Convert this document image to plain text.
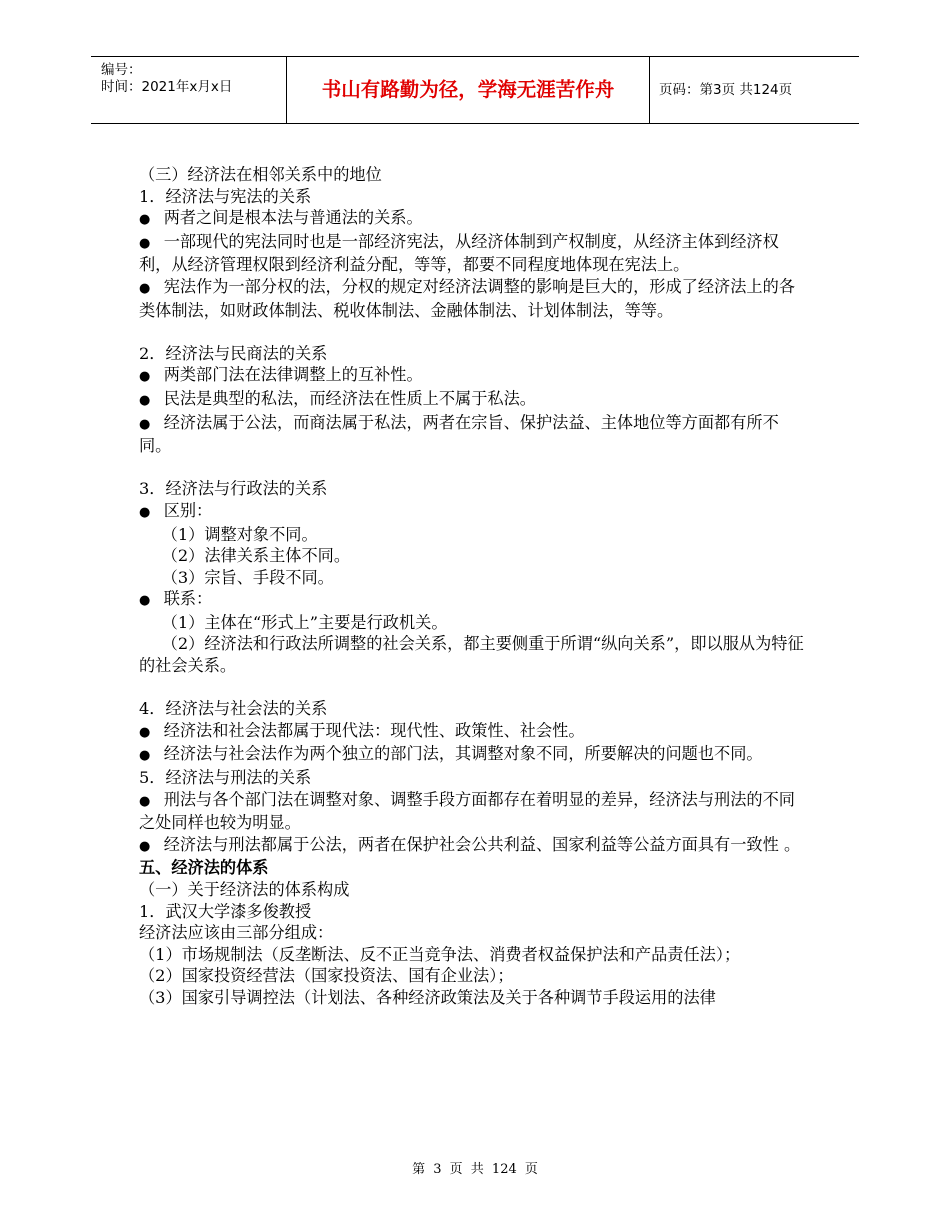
编号：
时间：2021年x月x日	书山有路勤为径，学海无涯苦作舟	页码：第3页 共124页

（三）经济法在相邻关系中的地位

1．经济法与宪法的关系

● 两者之间是根本法与普通法的关系。

● 一部现代的宪法同时也是一部经济宪法，从经济体制到产权制度，从经济主体到经济权利，从经济管理权限到经济利益分配，等等，都要不同程度地体现在宪法上。

● 宪法作为一部分权的法，分权的规定对经济法调整的影响是巨大的，形成了经济法上的各类体制法，如财政体制法、税收体制法、金融体制法、计划体制法，等等。

2．经济法与民商法的关系

● 两类部门法在法律调整上的互补性。

● 民法是典型的私法，而经济法在性质上不属于私法。

● 经济法属于公法，而商法属于私法，两者在宗旨、保护法益、主体地位等方面都有所不同。

3．经济法与行政法的关系

● 区别：

（1）调整对象不同。

（2）法律关系主体不同。

（3）宗旨、手段不同。

● 联系：

（1）主体在“形式上”主要是行政机关。

（2）经济法和行政法所调整的社会关系，都主要侧重于所谓“纵向关系”，即以服从为特征的社会关系。

4．经济法与社会法的关系

● 经济法和社会法都属于现代法：现代性、政策性、社会性。

● 经济法与社会法作为两个独立的部门法，其调整对象不同，所要解决的问题也不同。

5．经济法与刑法的关系

● 刑法与各个部门法在调整对象、调整手段方面都存在着明显的差异，经济法与刑法的不同之处同样也较为明显。

● 经济法与刑法都属于公法，两者在保护社会公共利益、国家利益等公益方面具有一致性 。

五、经济法的体系

（一）关于经济法的体系构成

1．武汉大学漆多俊教授

经济法应该由三部分组成：

（1）市场规制法（反垄断法、反不正当竞争法、消费者权益保护法和产品责任法）；

（2）国家投资经营法（国家投资法、国有企业法）；

（3）国家引导调控法（计划法、各种经济政策法及关于各种调节手段运用的法律

第 3 页 共 124 页
